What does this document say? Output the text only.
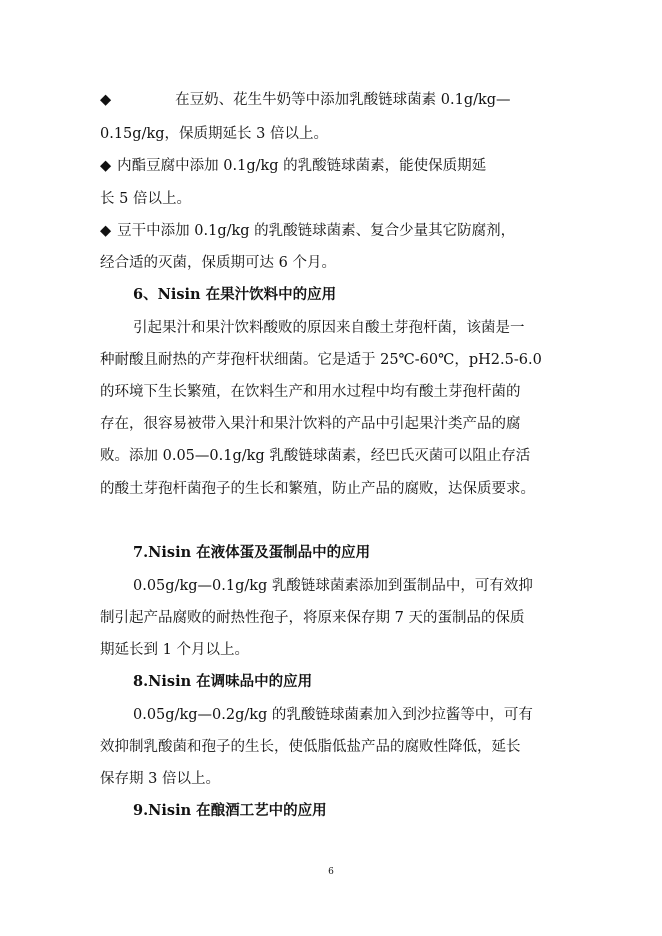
◆	在豆奶、花生牛奶等中添加乳酸链球菌素 0.1g/kg—
0.15g/kg，保质期延长 3 倍以上。
◆ 内酯豆腐中添加 0.1g/kg 的乳酸链球菌素，能使保质期延
长 5 倍以上。
◆ 豆干中添加 0.1g/kg 的乳酸链球菌素、复合少量其它防腐剂，
经合适的灭菌，保质期可达 6 个月。
6、Nisin 在果汁饮料中的应用
引起果汁和果汁饮料酸败的原因来自酸土芽孢杆菌，该菌是一
种耐酸且耐热的产芽孢杆状细菌。它是适于 25℃-60℃，pH2.5-6.0
的环境下生长繁殖，在饮料生产和用水过程中均有酸土芽孢杆菌的
存在，很容易被带入果汁和果汁饮料的产品中引起果汁类产品的腐
败。添加 0.05—0.1g/kg 乳酸链球菌素，经巴氏灭菌可以阻止存活
的酸土芽孢杆菌孢子的生长和繁殖，防止产品的腐败，达保质要求。
7.Nisin 在液体蛋及蛋制品中的应用
0.05g/kg—0.1g/kg 乳酸链球菌素添加到蛋制品中，可有效抑
制引起产品腐败的耐热性孢子，将原来保存期 7 天的蛋制品的保质
期延长到 1 个月以上。
8.Nisin 在调味品中的应用
0.05g/kg—0.2g/kg 的乳酸链球菌素加入到沙拉酱等中，可有
效抑制乳酸菌和孢子的生长，使低脂低盐产品的腐败性降低，延长
保存期 3 倍以上。
9.Nisin 在酿酒工艺中的应用
6
